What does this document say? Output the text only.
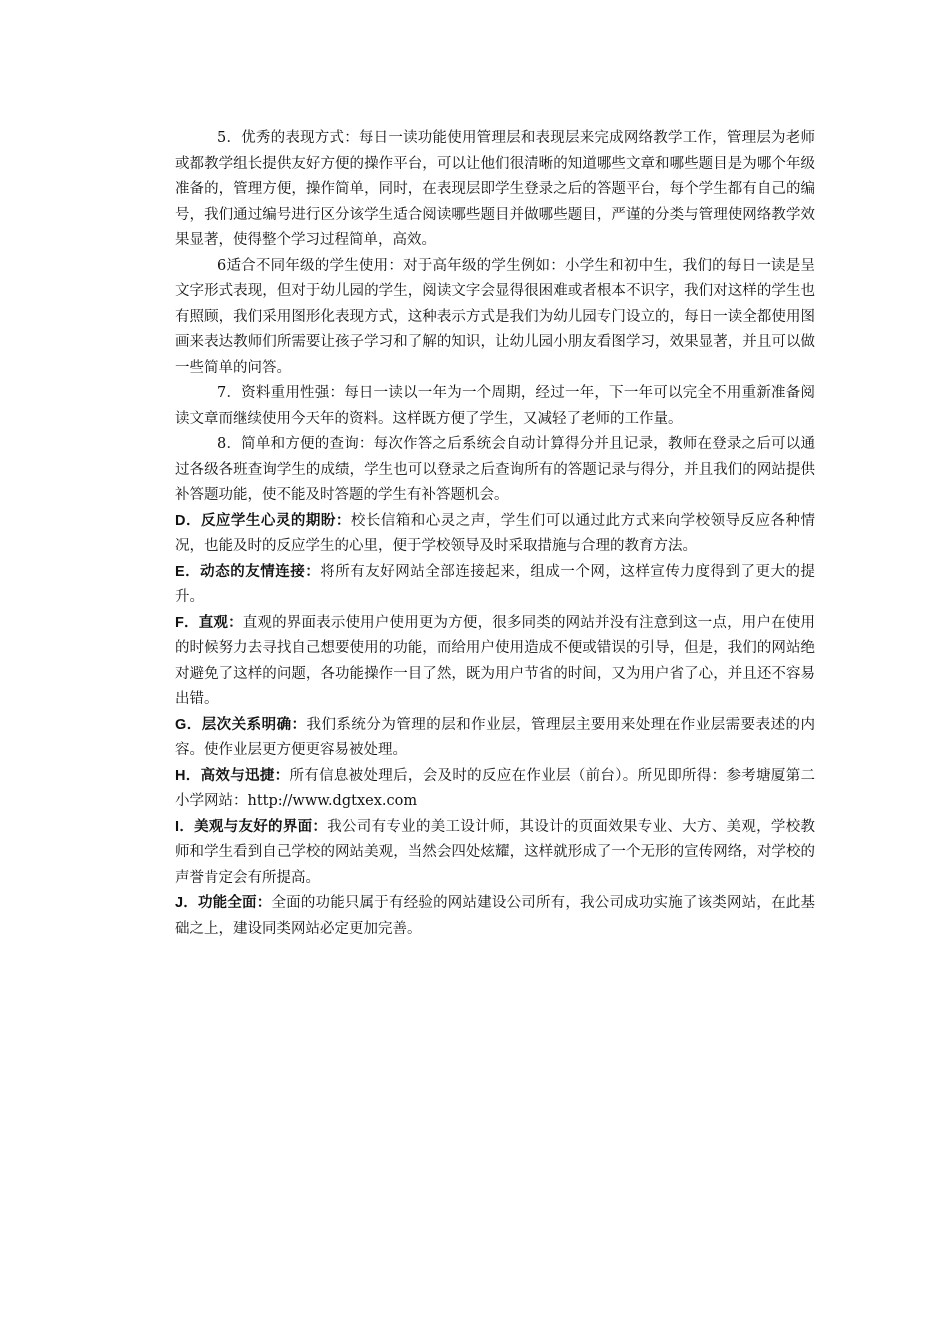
5．优秀的表现方式：每日一读功能使用管理层和表现层来完成网络教学工作，管理层为老师或都教学组长提供友好方便的操作平台，可以让他们很清晰的知道哪些文章和哪些题目是为哪个年级准备的，管理方便，操作简单，同时，在表现层即学生登录之后的答题平台，每个学生都有自己的编号，我们通过编号进行区分该学生适合阅读哪些题目并做哪些题目，严谨的分类与管理使网络教学效果显著，使得整个学习过程简单，高效。

6适合不同年级的学生使用：对于高年级的学生例如：小学生和初中生，我们的每日一读是呈文字形式表现，但对于幼儿园的学生，阅读文字会显得很困难或者根本不识字，我们对这样的学生也有照顾，我们采用图形化表现方式，这种表示方式是我们为幼儿园专门设立的，每日一读全都使用图画来表达教师们所需要让孩子学习和了解的知识，让幼儿园小朋友看图学习，效果显著，并且可以做一些简单的问答。

7．资料重用性强：每日一读以一年为一个周期，经过一年，下一年可以完全不用重新准备阅读文章而继续使用今天年的资料。这样既方便了学生，又减轻了老师的工作量。

8．简单和方便的查询：每次作答之后系统会自动计算得分并且记录，教师在登录之后可以通过各级各班查询学生的成绩，学生也可以登录之后查询所有的答题记录与得分，并且我们的网站提供补答题功能，使不能及时答题的学生有补答题机会。

D．反应学生心灵的期盼：校长信箱和心灵之声，学生们可以通过此方式来向学校领导反应各种情况，也能及时的反应学生的心里，便于学校领导及时采取措施与合理的教育方法。

E．动态的友情连接：将所有友好网站全部连接起来，组成一个网，这样宣传力度得到了更大的提升。

F．直观：直观的界面表示使用户使用更为方便，很多同类的网站并没有注意到这一点，用户在使用的时候努力去寻找自己想要使用的功能，而给用户使用造成不便或错误的引导，但是，我们的网站绝对避免了这样的问题，各功能操作一目了然，既为用户节省的时间，又为用户省了心，并且还不容易出错。

G．层次关系明确：我们系统分为管理的层和作业层，管理层主要用来处理在作业层需要表述的内容。使作业层更方便更容易被处理。

H．高效与迅捷：所有信息被处理后，会及时的反应在作业层（前台）。所见即所得：参考塘厦第二小学网站：http://www.dgtxex.com

I．美观与友好的界面：我公司有专业的美工设计师，其设计的页面效果专业、大方、美观，学校教师和学生看到自己学校的网站美观，当然会四处炫耀，这样就形成了一个无形的宣传网络，对学校的声誉肯定会有所提高。

J．功能全面：全面的功能只属于有经验的网站建设公司所有，我公司成功实施了该类网站，在此基础之上，建设同类网站必定更加完善。
